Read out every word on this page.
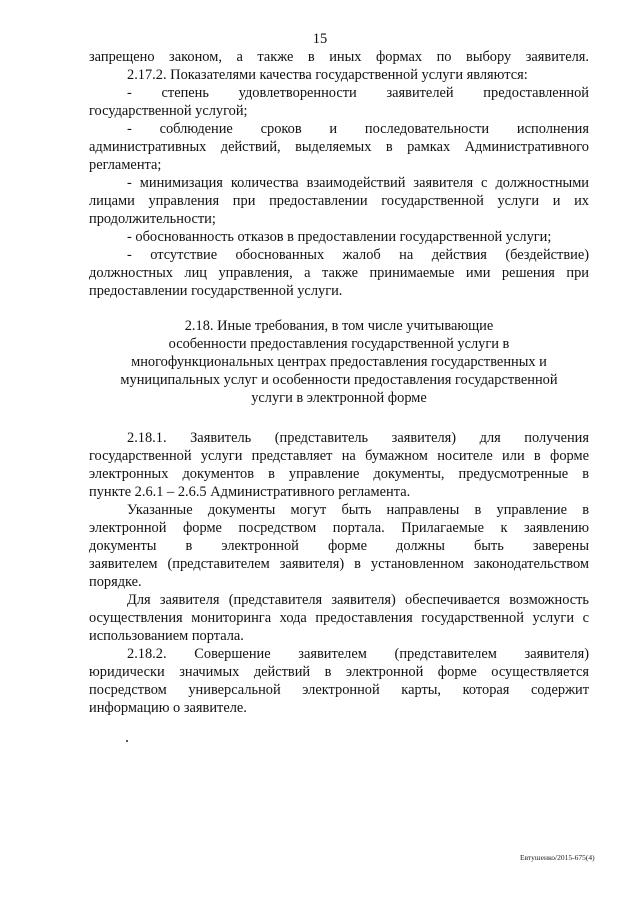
15

запрещено законом, а также в иных формах по выбору заявителя.

2.17.2. Показателями качества государственной услуги являются:

- степень удовлетворенности заявителей предоставленной

государственной услугой;

- соблюдение сроков и последовательности исполнения

административных действий, выделяемых в рамках Административного

регламента;

- минимизация количества взаимодействий заявителя с должностными

лицами управления при предоставлении государственной услуги и их

продолжительности;

- обоснованность отказов в предоставлении государственной услуги;

- отсутствие обоснованных жалоб на действия (бездействие)

должностных лиц управления, а также принимаемые ими решения при

предоставлении государственной услуги.

2.18. Иные требования, в том числе учитывающие

особенности предоставления государственной услуги в

многофункциональных центрах предоставления государственных и

муниципальных услуг и особенности предоставления государственной

услуги в электронной форме

2.18.1. Заявитель (представитель заявителя) для получения

государственной услуги представляет на бумажном носителе или в форме

электронных документов в управление документы, предусмотренные в

пункте 2.6.1 – 2.6.5 Административного регламента.

Указанные документы могут быть направлены в управление в

электронной форме посредством портала. Прилагаемые к заявлению

документы в электронной форме должны быть заверены

заявителем (представителем заявителя) в установленном законодательством

порядке.

Для заявителя (представителя заявителя) обеспечивается возможность

осуществления мониторинга хода предоставления государственной услуги с

использованием портала.

2.18.2. Совершение заявителем (представителем заявителя)

юридически значимых действий в электронной форме осуществляется

посредством универсальной электронной карты, которая содержит

информацию о заявителе.

Евтушенко/2015-675(4)
